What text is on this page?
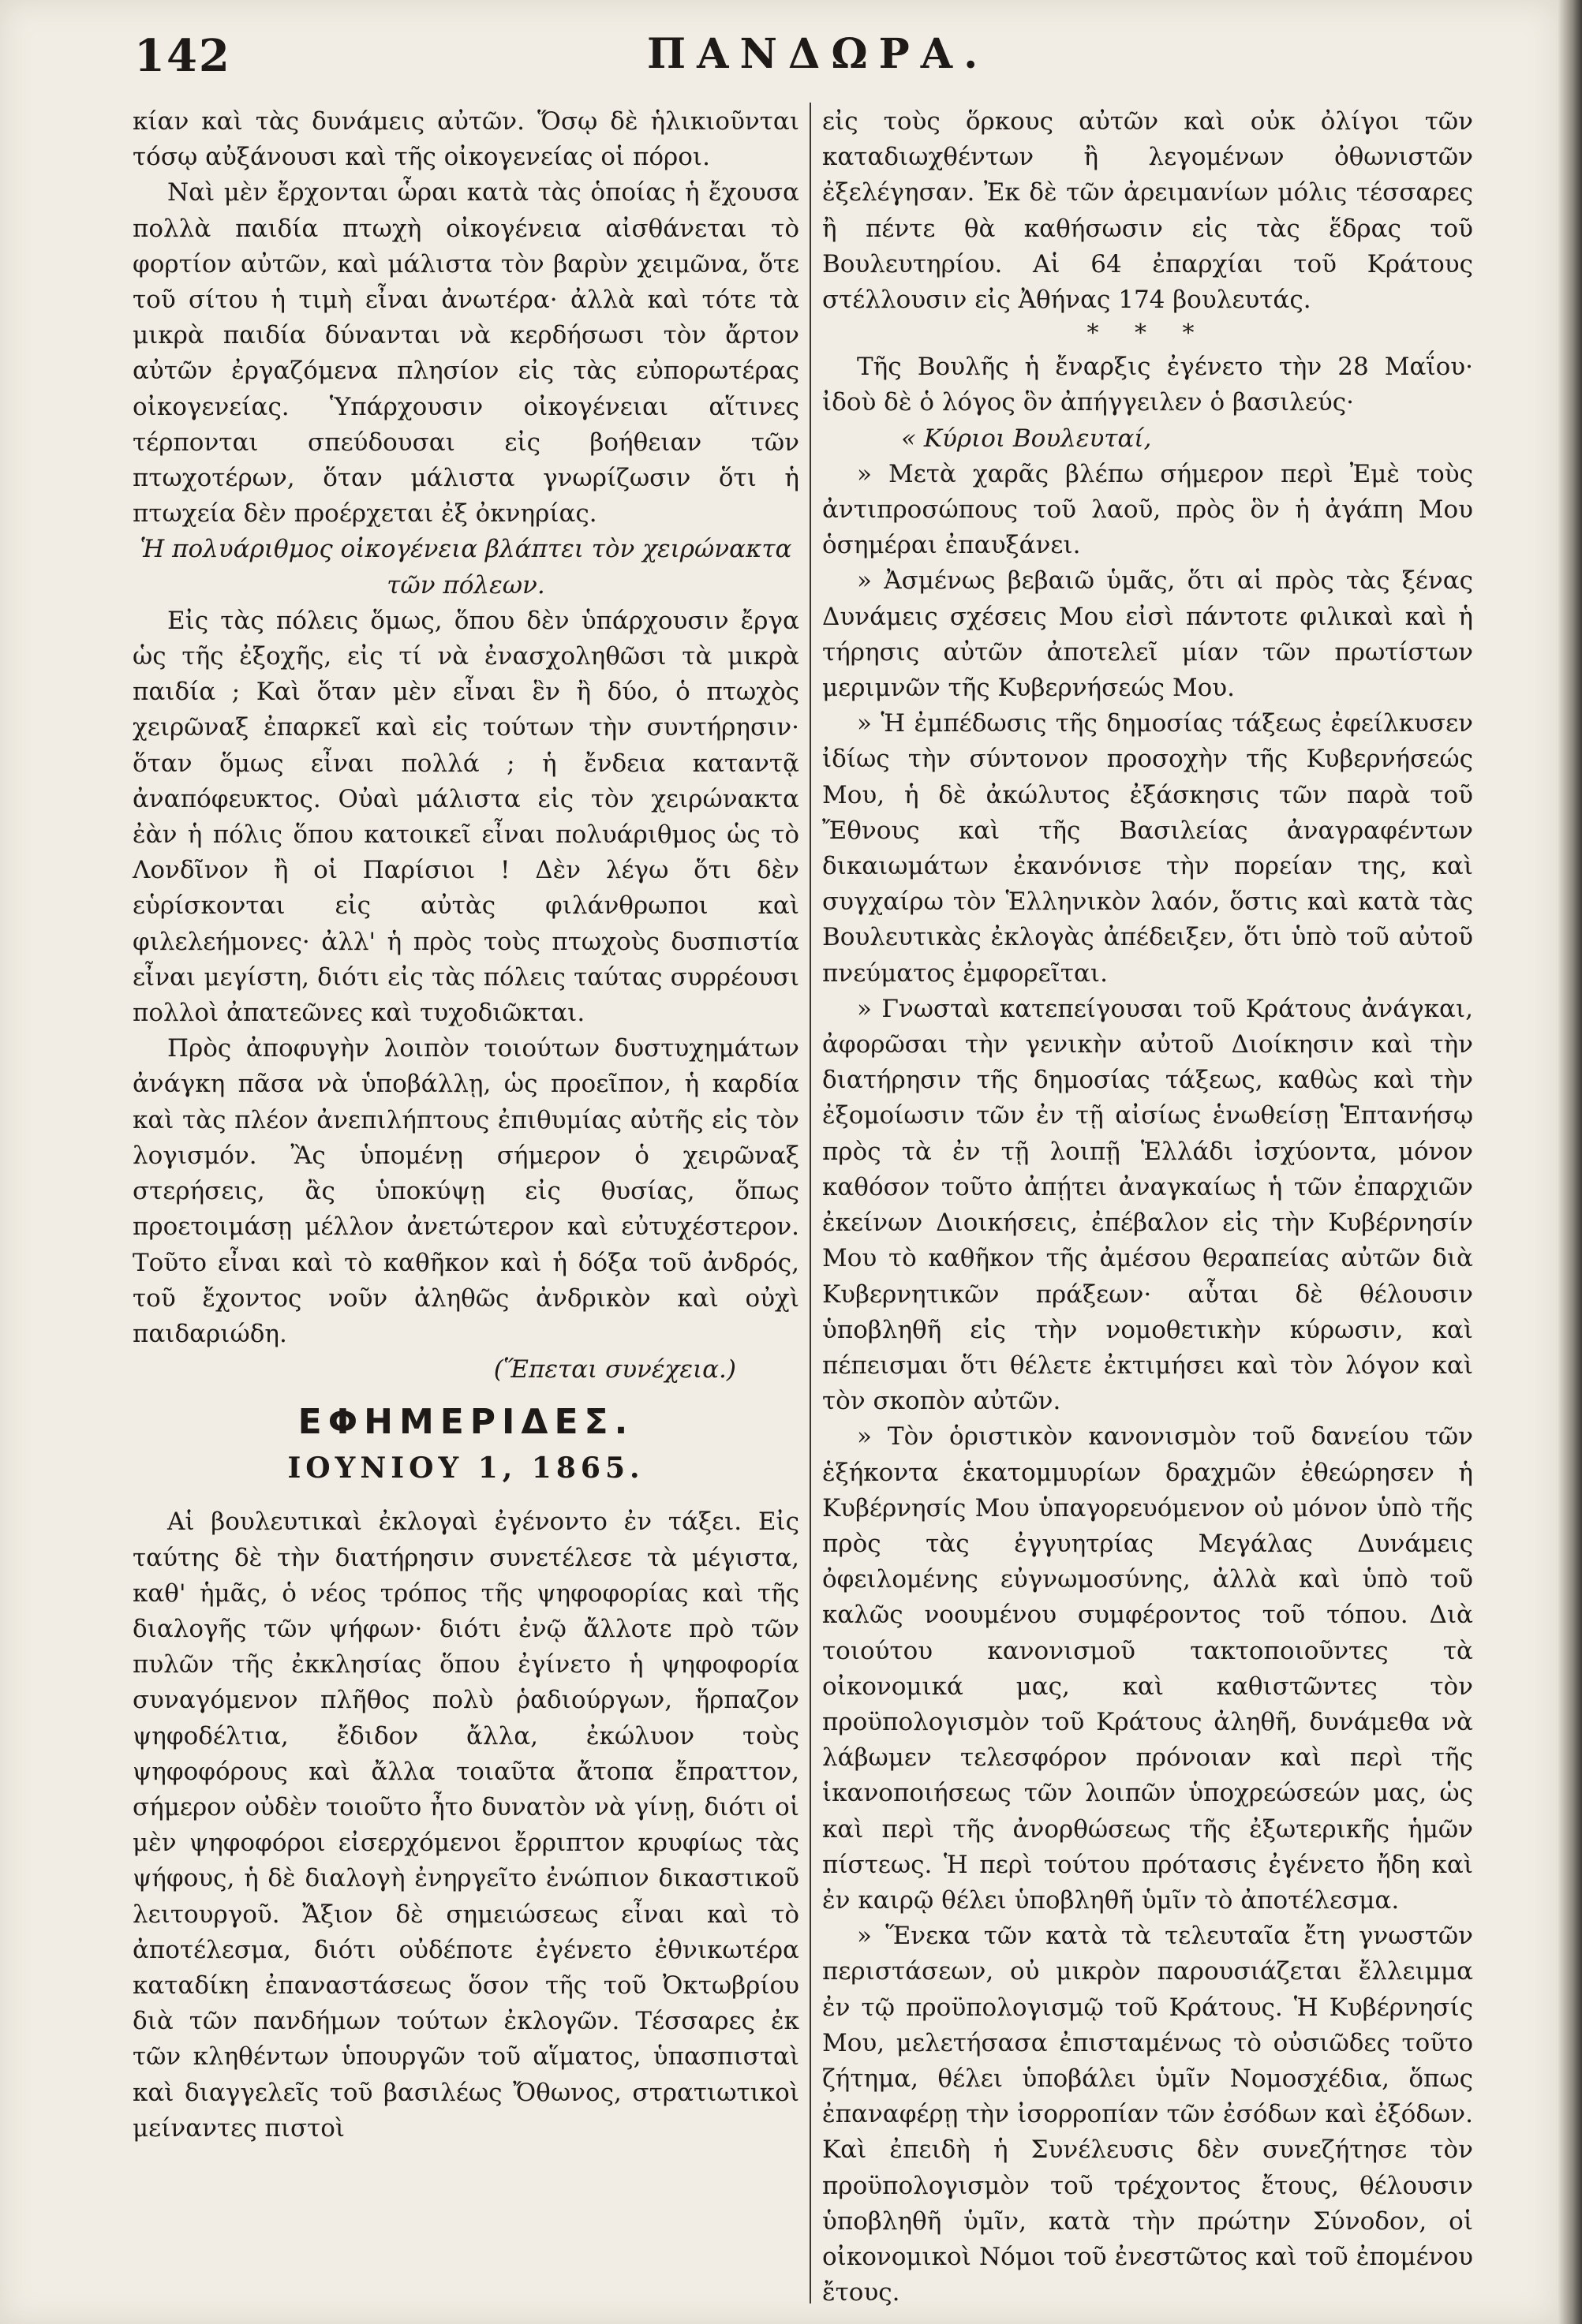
142	ΠΑΝΔΩΡΑ.

κίαν καὶ τὰς δυνάμεις αὐτῶν. Ὅσῳ δὲ ἡλικιοῦνται τόσῳ αὐξάνουσι καὶ τῆς οἰκογενείας οἱ πόροι.

Ναὶ μὲν ἔρχονται ὧραι κατὰ τὰς ὁποίας ἡ ἔχουσα πολλὰ παιδία πτωχὴ οἰκογένεια αἰσθάνεται τὸ φορτίον αὐτῶν, καὶ μάλιστα τὸν βαρὺν χειμῶνα, ὅτε τοῦ σίτου ἡ τιμὴ εἶναι ἀνωτέρα· ἀλλὰ καὶ τότε τὰ μικρὰ παιδία δύνανται νὰ κερδήσωσι τὸν ἄρτον αὐτῶν ἐργαζόμενα πλησίον εἰς τὰς εὐπορωτέρας οἰκογενείας. Ὑπάρχουσιν οἰκογένειαι αἵτινες τέρπονται σπεύδουσαι εἰς βοήθειαν τῶν πτωχοτέρων, ὅταν μάλιστα γνωρίζωσιν ὅτι ἡ πτωχεία δὲν προέρχεται ἐξ ὀκνηρίας.

Ἡ πολυάριθμος οἰκογένεια βλάπτει τὸν χειρώνακτα τῶν πόλεων.

Εἰς τὰς πόλεις ὅμως, ὅπου δὲν ὑπάρχουσιν ἔργα ὡς τῆς ἐξοχῆς, εἰς τί νὰ ἐνασχοληθῶσι τὰ μικρὰ παιδία ; Καὶ ὅταν μὲν εἶναι ἓν ἢ δύο, ὁ πτωχὸς χειρῶναξ ἐπαρκεῖ καὶ εἰς τούτων τὴν συντήρησιν· ὅταν ὅμως εἶναι πολλά ; ἡ ἔνδεια καταντᾷ ἀναπόφευκτος. Οὐαὶ μάλιστα εἰς τὸν χειρώνακτα ἐὰν ἡ πόλις ὅπου κατοικεῖ εἶναι πολυάριθμος ὡς τὸ Λονδῖνον ἢ οἱ Παρίσιοι ! Δὲν λέγω ὅτι δὲν εὑρίσκονται εἰς αὐτὰς φιλάνθρωποι καὶ φιλελεήμονες· ἀλλ' ἡ πρὸς τοὺς πτωχοὺς δυσπιστία εἶναι μεγίστη, διότι εἰς τὰς πόλεις ταύτας συρρέουσι πολλοὶ ἀπατεῶνες καὶ τυχοδιῶκται.

Πρὸς ἀποφυγὴν λοιπὸν τοιούτων δυστυχημάτων ἀνάγκη πᾶσα νὰ ὑποβάλλῃ, ὡς προεῖπον, ἡ καρδία καὶ τὰς πλέον ἀνεπιλήπτους ἐπιθυμίας αὐτῆς εἰς τὸν λογισμόν. Ἂς ὑπομένῃ σήμερον ὁ χειρῶναξ στερήσεις, ἂς ὑποκύψῃ εἰς θυσίας, ὅπως προετοιμάσῃ μέλλον ἀνετώτερον καὶ εὐτυχέστερον. Τοῦτο εἶναι καὶ τὸ καθῆκον καὶ ἡ δόξα τοῦ ἀνδρός, τοῦ ἔχοντος νοῦν ἀληθῶς ἀνδρικὸν καὶ οὐχὶ παιδαριώδη.

(Ἕπεται συνέχεια.)

ΕΦΗΜΕΡΙΔΕΣ.
ΙΟΥΝΙΟΥ 1, 1865.

Αἱ βουλευτικαὶ ἐκλογαὶ ἐγένοντο ἐν τάξει. Εἰς ταύτης δὲ τὴν διατήρησιν συνετέλεσε τὰ μέγιστα, καθ' ἡμᾶς, ὁ νέος τρόπος τῆς ψηφοφορίας καὶ τῆς διαλογῆς τῶν ψήφων· διότι ἐνῷ ἄλλοτε πρὸ τῶν πυλῶν τῆς ἐκκλησίας ὅπου ἐγίνετο ἡ ψηφοφορία συναγόμενον πλῆθος πολὺ ῥαδιούργων, ἥρπαζον ψηφοδέλτια, ἔδιδον ἄλλα, ἐκώλυον τοὺς ψηφοφόρους καὶ ἄλλα τοιαῦτα ἄτοπα ἔπραττον, σήμερον οὐδὲν τοιοῦτο ἦτο δυνατὸν νὰ γίνῃ, διότι οἱ μὲν ψηφοφόροι εἰσερχόμενοι ἔρριπτον κρυφίως τὰς ψήφους, ἡ δὲ διαλογὴ ἐνηργεῖτο ἐνώπιον δικαστικοῦ λειτουργοῦ. Ἄξιον δὲ σημειώσεως εἶναι καὶ τὸ ἀποτέλεσμα, διότι οὐδέποτε ἐγένετο ἐθνικωτέρα καταδίκη ἐπαναστάσεως ὅσον τῆς τοῦ Ὀκτωβρίου διὰ τῶν πανδήμων τούτων ἐκλογῶν. Τέσσαρες ἐκ τῶν κληθέντων ὑπουργῶν τοῦ αἵματος, ὑπασπισταὶ καὶ διαγγελεῖς τοῦ βασιλέως Ὄθωνος, στρατιωτικοὶ μείναντες πιστοὶ

εἰς τοὺς ὅρκους αὐτῶν καὶ οὐκ ὀλίγοι τῶν καταδιωχθέντων ἢ λεγομένων ὀθωνιστῶν ἐξελέγησαν. Ἐκ δὲ τῶν ἀρειμανίων μόλις τέσσαρες ἢ πέντε θὰ καθήσωσιν εἰς τὰς ἕδρας τοῦ Βουλευτηρίου. Αἱ 64 ἐπαρχίαι τοῦ Κράτους στέλλουσιν εἰς Ἀθήνας 174 βουλευτάς.

* * *

Τῆς Βουλῆς ἡ ἔναρξις ἐγένετο τὴν 28 Μαΐου· ἰδοὺ δὲ ὁ λόγος ὃν ἀπήγγειλεν ὁ βασιλεύς·

« Κύριοι Βουλευταί,

» Μετὰ χαρᾶς βλέπω σήμερον περὶ Ἐμὲ τοὺς ἀντιπροσώπους τοῦ λαοῦ, πρὸς ὃν ἡ ἀγάπη Μου ὁσημέραι ἐπαυξάνει.

» Ἀσμένως βεβαιῶ ὑμᾶς, ὅτι αἱ πρὸς τὰς ξένας Δυνάμεις σχέσεις Μου εἰσὶ πάντοτε φιλικαὶ καὶ ἡ τήρησις αὐτῶν ἀποτελεῖ μίαν τῶν πρωτίστων μεριμνῶν τῆς Κυβερνήσεώς Μου.

» Ἡ ἐμπέδωσις τῆς δημοσίας τάξεως ἐφείλκυσεν ἰδίως τὴν σύντονον προσοχὴν τῆς Κυβερνήσεώς Μου, ἡ δὲ ἀκώλυτος ἐξάσκησις τῶν παρὰ τοῦ Ἔθνους καὶ τῆς Βασιλείας ἀναγραφέντων δικαιωμάτων ἐκανόνισε τὴν πορείαν της, καὶ συγχαίρω τὸν Ἑλληνικὸν λαόν, ὅστις καὶ κατὰ τὰς Βουλευτικὰς ἐκλογὰς ἀπέδειξεν, ὅτι ὑπὸ τοῦ αὐτοῦ πνεύματος ἐμφορεῖται.

» Γνωσταὶ κατεπείγουσαι τοῦ Κράτους ἀνάγκαι, ἀφορῶσαι τὴν γενικὴν αὐτοῦ Διοίκησιν καὶ τὴν διατήρησιν τῆς δημοσίας τάξεως, καθὼς καὶ τὴν ἐξομοίωσιν τῶν ἐν τῇ αἰσίως ἑνωθείσῃ Ἑπτανήσῳ πρὸς τὰ ἐν τῇ λοιπῇ Ἑλλάδι ἰσχύοντα, μόνον καθόσον τοῦτο ἀπῄτει ἀναγκαίως ἡ τῶν ἐπαρχιῶν ἐκείνων Διοικήσεις, ἐπέβαλον εἰς τὴν Κυβέρνησίν Μου τὸ καθῆκον τῆς ἀμέσου θεραπείας αὐτῶν διὰ Κυβερνητικῶν πράξεων· αὗται δὲ θέλουσιν ὑποβληθῆ εἰς τὴν νομοθετικὴν κύρωσιν, καὶ πέπεισμαι ὅτι θέλετε ἐκτιμήσει καὶ τὸν λόγον καὶ τὸν σκοπὸν αὐτῶν.

» Τὸν ὁριστικὸν κανονισμὸν τοῦ δανείου τῶν ἑξήκοντα ἑκατομμυρίων δραχμῶν ἐθεώρησεν ἡ Κυβέρνησίς Μου ὑπαγορευόμενον οὐ μόνον ὑπὸ τῆς πρὸς τὰς ἐγγυητρίας Μεγάλας Δυνάμεις ὀφειλομένης εὐγνωμοσύνης, ἀλλὰ καὶ ὑπὸ τοῦ καλῶς νοουμένου συμφέροντος τοῦ τόπου. Διὰ τοιούτου κανονισμοῦ τακτοποιοῦντες τὰ οἰκονομικά μας, καὶ καθιστῶντες τὸν προϋπολογισμὸν τοῦ Κράτους ἀληθῆ, δυνάμεθα νὰ λάβωμεν τελεσφόρον πρόνοιαν καὶ περὶ τῆς ἱκανοποιήσεως τῶν λοιπῶν ὑποχρεώσεών μας, ὡς καὶ περὶ τῆς ἀνορθώσεως τῆς ἐξωτερικῆς ἡμῶν πίστεως. Ἡ περὶ τούτου πρότασις ἐγένετο ἤδη καὶ ἐν καιρῷ θέλει ὑποβληθῆ ὑμῖν τὸ ἀποτέλεσμα.

» Ἕνεκα τῶν κατὰ τὰ τελευταῖα ἔτη γνωστῶν περιστάσεων, οὐ μικρὸν παρουσιάζεται ἔλλειμμα ἐν τῷ προϋπολογισμῷ τοῦ Κράτους. Ἡ Κυβέρνησίς Μου, μελετήσασα ἐπισταμένως τὸ οὐσιῶδες τοῦτο ζήτημα, θέλει ὑποβάλει ὑμῖν Νομοσχέδια, ὅπως ἐπαναφέρῃ τὴν ἰσορροπίαν τῶν ἐσόδων καὶ ἐξόδων. Καὶ ἐπειδὴ ἡ Συνέλευσις δὲν συνεζήτησε τὸν προϋπολογισμὸν τοῦ τρέχοντος ἔτους, θέλουσιν ὑποβληθῆ ὑμῖν, κατὰ τὴν πρώτην Σύνοδον, οἱ οἰκονομικοὶ Νόμοι τοῦ ἐνεστῶτος καὶ τοῦ ἐπομένου ἔτους.
